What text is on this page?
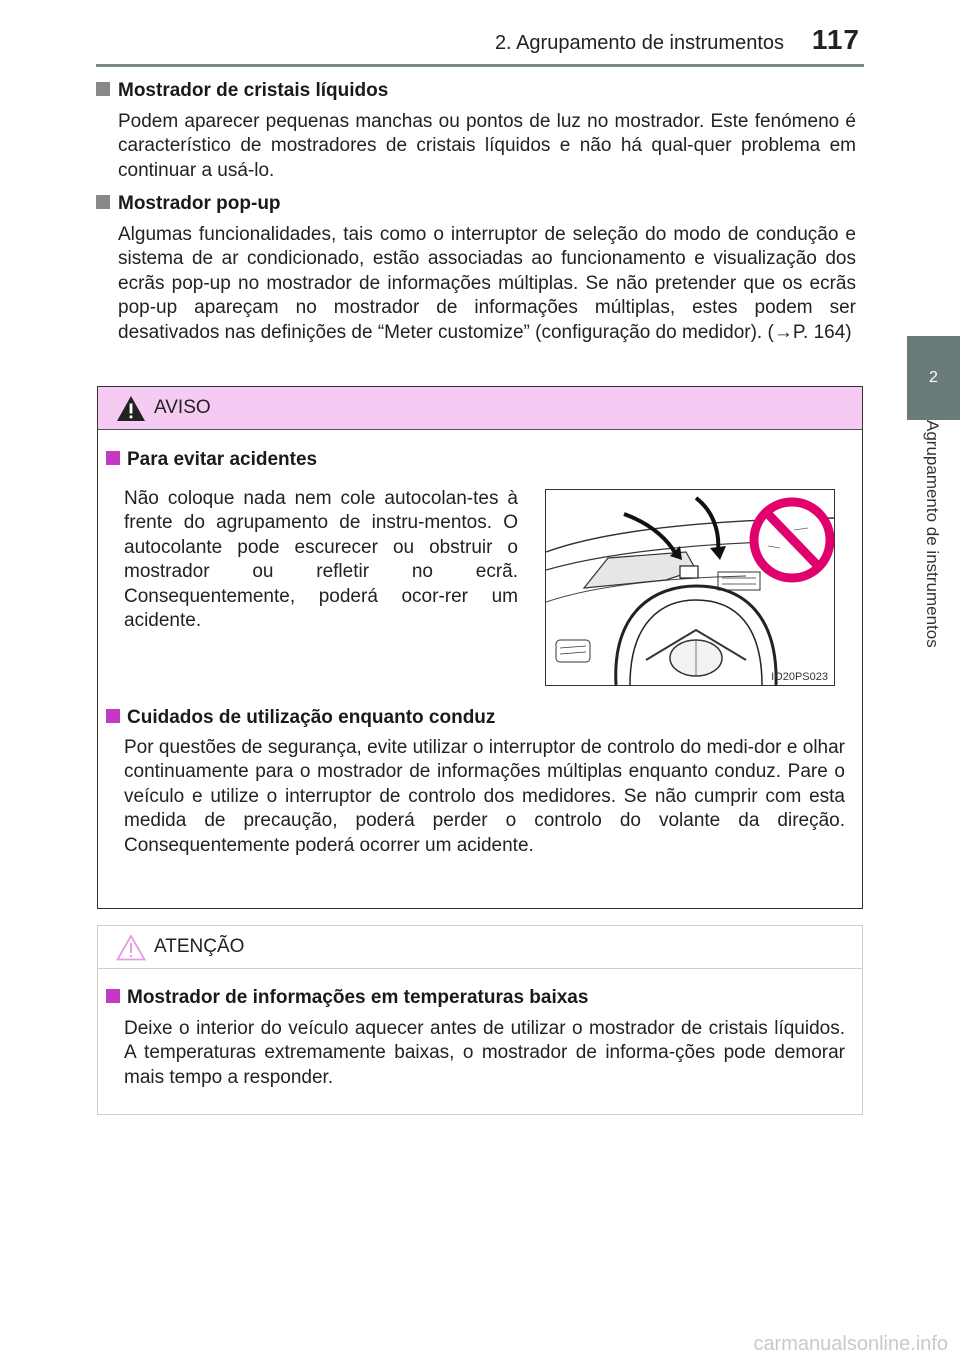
2. Agrupamento de instrumentos 117
2
Agrupamento de instrumentos
Mostrador de cristais líquidos
Podem aparecer pequenas manchas ou pontos de luz no mostrador. Este fenómeno é característico de mostradores de cristais líquidos e não há qual-quer problema em continuar a usá-lo.
Mostrador pop-up
Algumas funcionalidades, tais como o interruptor de seleção do modo de condução e sistema de ar condicionado, estão associadas ao funcionamento e visualização dos ecrãs pop-up no mostrador de informações múltiplas. Se não pretender que os ecrãs pop-up apareçam no mostrador de informações múltiplas, estes podem ser desativados nas definições de “Meter customize” (configuração do medidor). (→P. 164)
AVISO
Para evitar acidentes
Não coloque nada nem cole autocolan-tes à frente do agrupamento de instru-mentos. O autocolante pode escurecer ou obstruir o mostrador ou refletir no ecrã. Consequentemente, poderá ocor-rer um acidente.
IO20PS023
Cuidados de utilização enquanto conduz
Por questões de segurança, evite utilizar o interruptor de controlo do medi-dor e olhar continuamente para o mostrador de informações múltiplas enquanto conduz. Pare o veículo e utilize o interruptor de controlo dos medidores. Se não cumprir com esta medida de precaução, poderá perder o controlo do volante da direção. Consequentemente poderá ocorrer um acidente.
ATENÇÃO
Mostrador de informações em temperaturas baixas
Deixe o interior do veículo aquecer antes de utilizar o mostrador de cristais líquidos. A temperaturas extremamente baixas, o mostrador de informa-ções pode demorar mais tempo a responder.
carmanualsonline.info
